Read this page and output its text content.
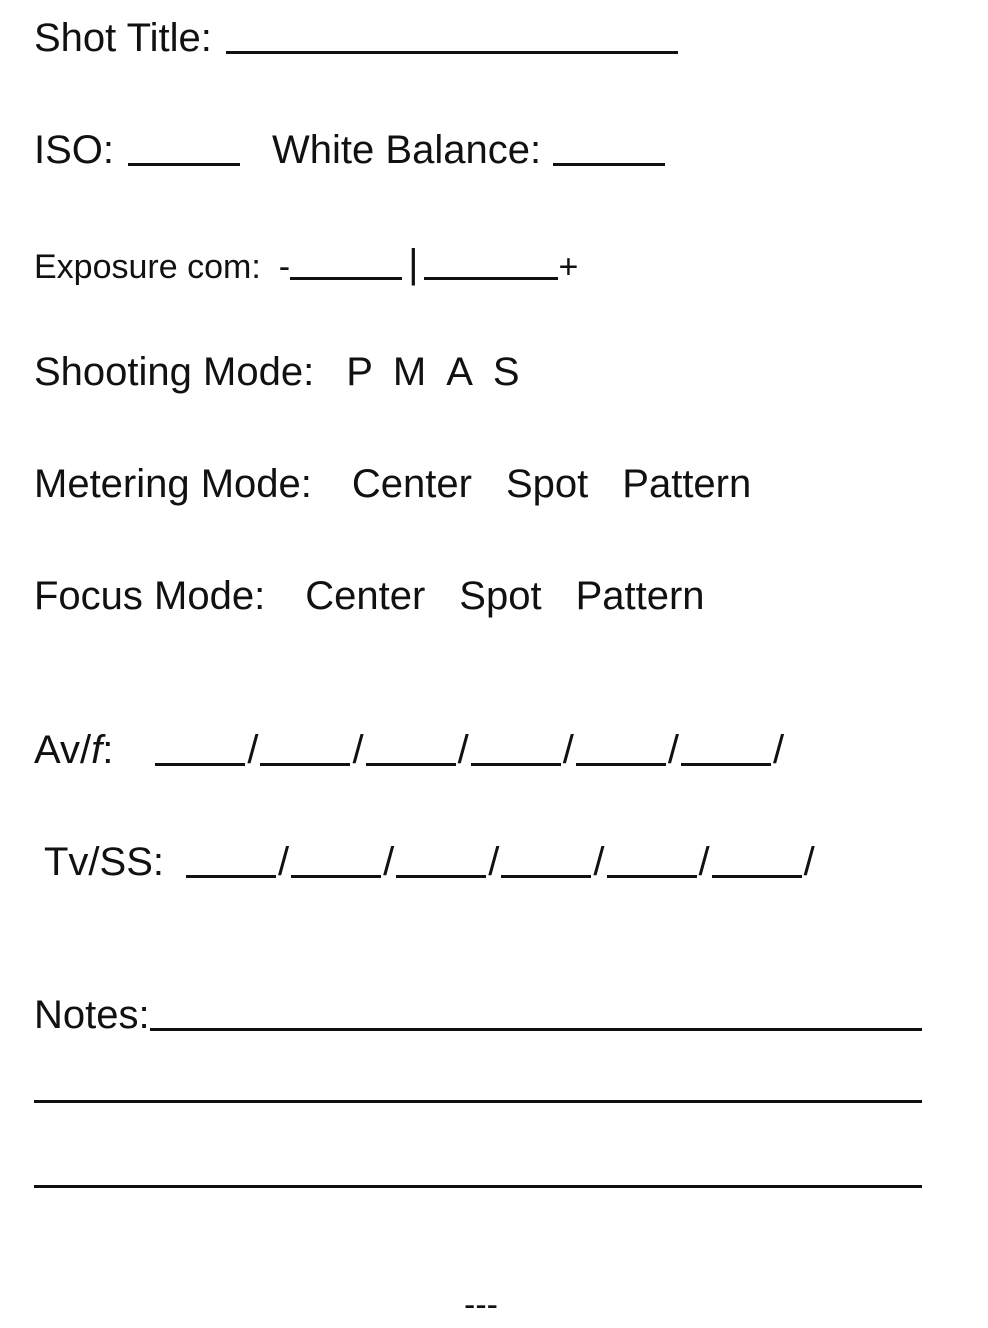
Shot Title:
ISO:	White Balance:
Exposure com: -	|	+
Shooting Mode: P M A S
Metering Mode: Center Spot Pattern
Focus Mode: Center Spot Pattern
Av/f:	/ / / / / /
Tv/SS:	/ / / / / /
Notes:
---
